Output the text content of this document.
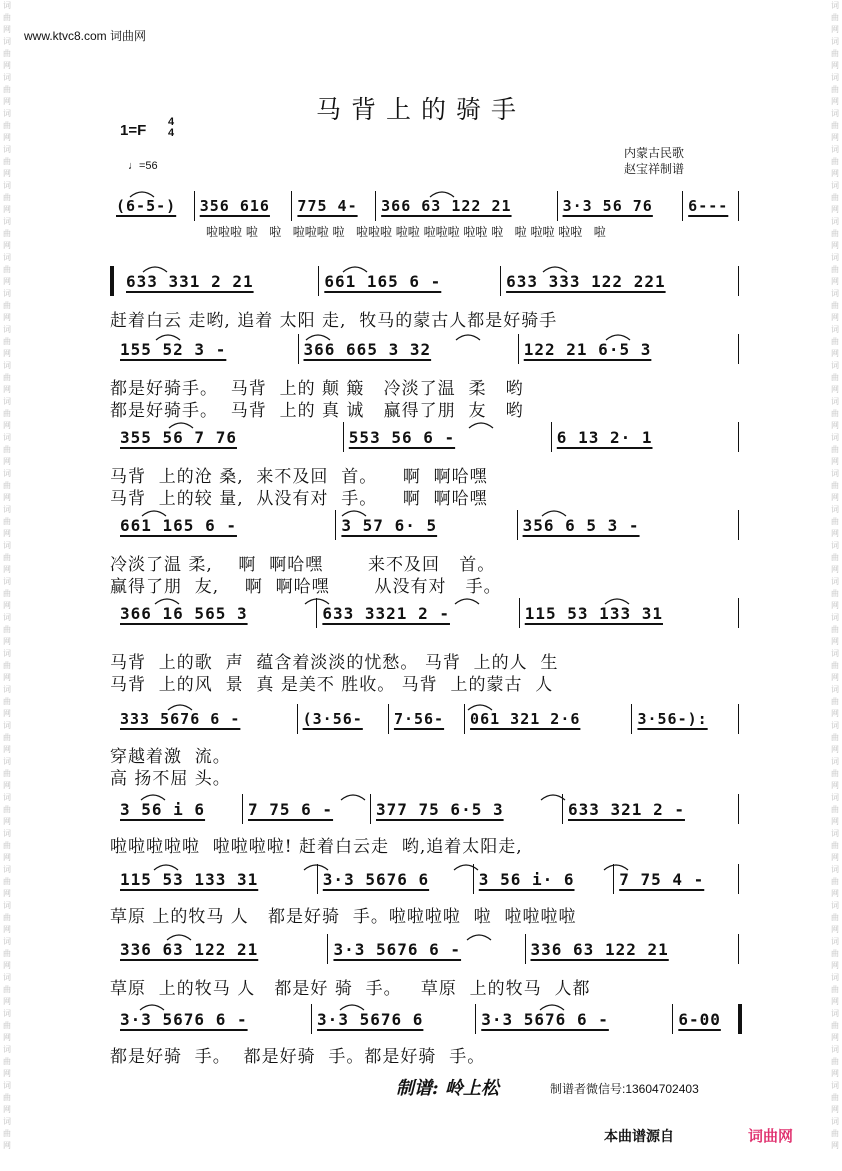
词曲网
词曲网
词曲网
词曲网
词曲网
词曲网
词曲网
词曲网
词曲网
词曲网
词曲网
词曲网
词曲网
词曲网
词曲网
词曲网
词曲网
词曲网
词曲网
词曲网
词曲网
词曲网
词曲网
词曲网
词曲网
词曲网
词曲网
词曲网
词曲网
词曲网
词曲网
词曲网
词曲网
词曲网
词曲网
词曲网
词曲网
词曲网
词曲网
词曲网
词曲网
词曲网
词曲网
词曲网
词曲网
词曲网
词曲网
词曲网
词曲网
词曲网
词曲网
词曲网
词曲网
词曲网
词曲网
词曲网
词曲网
词曲网
词曲网
词曲网
词曲网
词曲网
词曲网
词曲网
www.ktvc8.com 词曲网
马背上的骑手
1=F 4
4
♩=56
内蒙古民歌
赵宝祥制谱
(6-5-) 356 616 775 4- 366 63 122 21	3·3 56 76 6---
啦啦啦 啦   啦   啦啦啦 啦   啦啦啦 啦啦 啦啦啦 啦啦 啦   啦 啦啦 啦啦   啦
633 331 2 21	661 165 6 -	633 333 122 221
赶着白云 走哟, 追着 太阳 走,  牧马的蒙古人都是好骑手
155 52 3 -	366 665 3 32	122 21 6·5 3
都是好骑手。  马背  上的 颠 簸   冷淡了温  柔   哟
都是好骑手。  马背  上的 真 诚   赢得了朋  友   哟
355 56 7 76	553 56 6 -	6 13 2· 1
马背  上的沧 桑,  来不及回  首。    啊  啊哈嘿
马背  上的较 量,  从没有对  手。    啊  啊哈嘿
661 165 6 -	3 57 6· 5	356 6 5 3 -
冷淡了温 柔,    啊  啊哈嘿       来不及回   首。
赢得了朋  友,    啊  啊哈嘿       从没有对   手。
366 16 565 3	633 3321 2 -	115 53 133 31
马背  上的歌  声  蕴含着淡淡的忧愁。 马背  上的人  生
马背  上的风  景  真 是美不 胜收。 马背  上的蒙古  人
333 5676 6 -	(3·56- 7·56- 061 321 2·6	3·56-):
穿越着激  流。
高 扬不屈 头。
3 56 i 6	7 75 6 -	377 75 6·5 3	633 321 2 -
啦啦啦啦啦  啦啦啦啦! 赶着白云走  哟,追着太阳走,
115 53 133 31	3·3 5676 6	3 56 i· 6	7 75 4 -
草原 上的牧马 人   都是好骑  手。啦啦啦啦  啦  啦啦啦啦
336 63 122 21	3·3 5676 6 -	336 63 122 21
草原  上的牧马 人   都是好 骑  手。   草原  上的牧马  人都
3·3 5676 6 -	3·3 5676 6	3·3 5676 6 -	6-00
都是好骑  手。  都是好骑  手。都是好骑  手。
制谱: 岭上松	制谱者微信号:13604702403
本曲谱源自	词曲网
